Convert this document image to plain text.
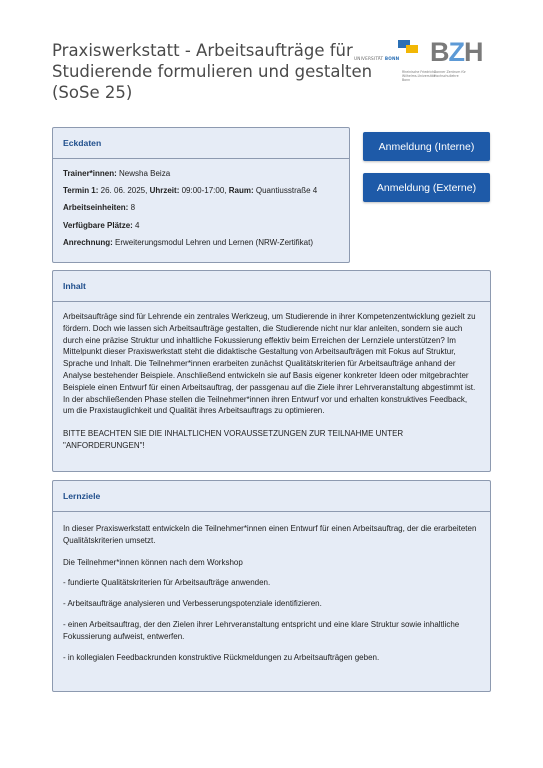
Praxiswerkstatt - Arbeitsaufträge für
Studierende formulieren und gestalten
(SoSe 25)
UNIVERSITÄT BONN
Rheinische Friedrich-Wilhelms-Universität Bonn
BZH
Bonner Zentrum für Hochschullehre
Eckdaten
Trainer*innen: Newsha Beiza
Termin 1: 26. 06. 2025, Uhrzeit: 09:00-17:00, Raum: Quantiusstraße 4
Arbeitseinheiten: 8
Verfügbare Plätze: 4
Anrechnung: Erweiterungsmodul Lehren und Lernen (NRW-Zertifikat)
Anmeldung (Interne)
Anmeldung (Externe)
Inhalt

Arbeitsaufträge sind für Lehrende ein zentrales Werkzeug, um Studierende in ihrer Kompetenzentwicklung gezielt zu fördern. Doch wie lassen sich Arbeitsaufträge gestalten, die Studierende nicht nur klar anleiten, sondern sie auch durch eine präzise Struktur und inhaltliche Fokussierung effektiv beim Erreichen der Lernziele unterstützen? Im Mittelpunkt dieser Praxiswerkstatt steht die didaktische Gestaltung von Arbeitsaufträgen mit Fokus auf Struktur, Sprache und Inhalt. Die Teilnehmer*innen erarbeiten zunächst Qualitätskriterien für Arbeitsaufträge anhand der Analyse bestehender Beispiele. Anschließend entwickeln sie auf Basis eigener konkreter Ideen oder mitgebrachter Beispiele einen Entwurf für einen Arbeitsauftrag, der passgenau auf die Ziele ihrer Lehrveranstaltung abgestimmt ist. In der abschließenden Phase stellen die Teilnehmer*innen ihren Entwurf vor und erhalten konstruktives Feedback, um die Praxistauglichkeit und Qualität ihres Arbeitsauftrags zu optimieren.

BITTE BEACHTEN SIE DIE INHALTLICHEN VORAUSSETZUNGEN ZUR TEILNAHME UNTER "ANFORDERUNGEN"!

Lernziele

In dieser Praxiswerkstatt entwickeln die Teilnehmer*innen einen Entwurf für einen Arbeitsauftrag, der die erarbeiteten Qualitätskriterien umsetzt.

Die Teilnehmer*innen können nach dem Workshop

- fundierte Qualitätskriterien für Arbeitsaufträge anwenden.

- Arbeitsaufträge analysieren und Verbesserungspotenziale identifizieren.

- einen Arbeitsauftrag, der den Zielen ihrer Lehrveranstaltung entspricht und eine klare Struktur sowie inhaltliche Fokussierung aufweist, entwerfen.

- in kollegialen Feedbackrunden konstruktive Rückmeldungen zu Arbeitsaufträgen geben.
